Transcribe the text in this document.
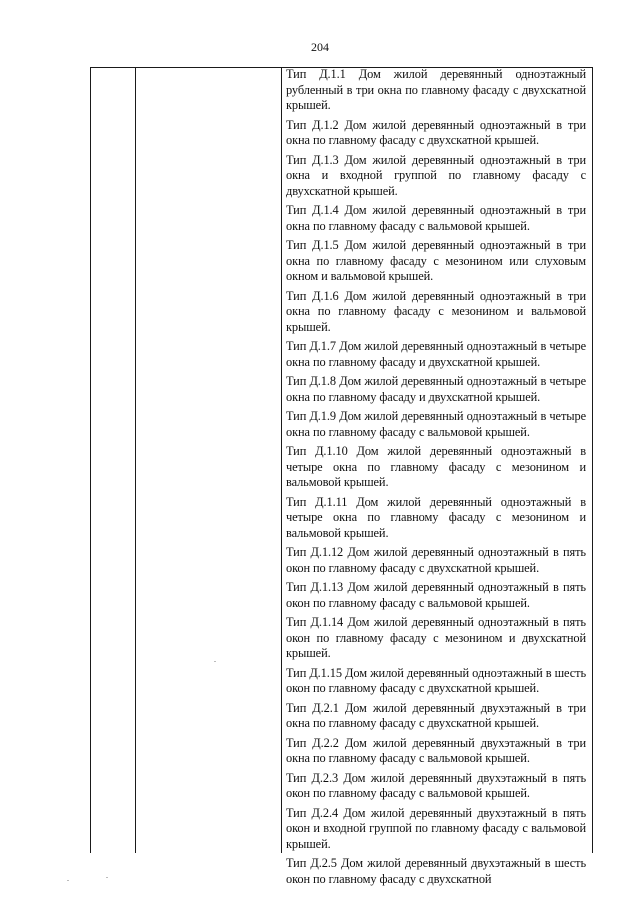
204

Тип Д.1.1 Дом жилой деревянный одноэтажный рубленный в три окна по главному фасаду с двухскатной крышей.

Тип Д.1.2 Дом жилой деревянный одноэтажный в три окна по главному фасаду с двухскатной крышей.

Тип Д.1.3 Дом жилой деревянный одноэтажный в три окна и входной группой по главному фасаду с двухскатной крышей.

Тип Д.1.4 Дом жилой деревянный одноэтажный в три окна по главному фасаду с вальмовой крышей.

Тип Д.1.5 Дом жилой деревянный одноэтажный в три окна по главному фасаду с мезонином или слуховым окном и вальмовой крышей.

Тип Д.1.6 Дом жилой деревянный одноэтажный в три окна по главному фасаду с мезонином и вальмовой крышей.

Тип Д.1.7 Дом жилой деревянный одноэтажный в четыре окна по главному фасаду и двухскатной крышей.

Тип Д.1.8 Дом жилой деревянный одноэтажный в четыре окна по главному фасаду и двухскатной крышей.

Тип Д.1.9 Дом жилой деревянный одноэтажный в четыре окна по главному фасаду с вальмовой крышей.

Тип Д.1.10 Дом жилой деревянный одноэтажный в четыре окна по главному фасаду с мезонином и вальмовой крышей.

Тип Д.1.11 Дом жилой деревянный одноэтажный в четыре окна по главному фасаду с мезонином и вальмовой крышей.

Тип Д.1.12 Дом жилой деревянный одноэтажный в пять окон по главному фасаду с двухскатной крышей.

Тип Д.1.13 Дом жилой деревянный одноэтажный в пять окон по главному фасаду с вальмовой крышей.

Тип Д.1.14 Дом жилой деревянный одноэтажный в пять окон по главному фасаду с мезонином и двухскатной крышей.

Тип Д.1.15 Дом жилой деревянный одноэтажный в шесть окон по главному фасаду с двухскатной крышей.

Тип Д.2.1 Дом жилой деревянный двухэтажный в три окна по главному фасаду с двухскатной крышей.

Тип Д.2.2 Дом жилой деревянный двухэтажный в три окна по главному фасаду с вальмовой крышей.

Тип Д.2.3 Дом жилой деревянный двухэтажный в пять окон по главному фасаду с вальмовой крышей.

Тип Д.2.4 Дом жилой деревянный двухэтажный в пять окон и входной группой по главному фасаду с вальмовой крышей.

Тип Д.2.5 Дом жилой деревянный двухэтажный в шесть окон по главному фасаду с двухскатной
